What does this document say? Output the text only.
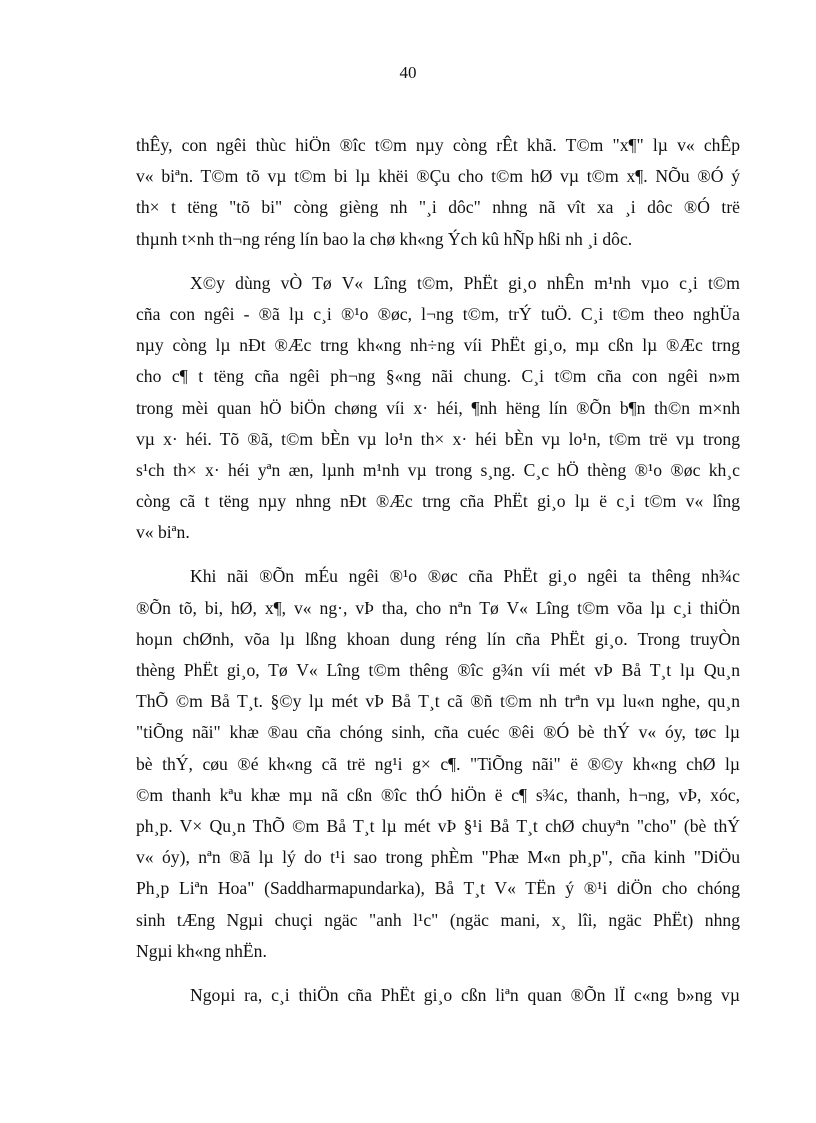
40
thÊy, con ngêi thùc hiÖn ®îc t©m nµy còng rÊt khã. T©m "x¶" lµ v« chÊp
v« biªn. T©m tõ vµ t©m bi lµ khëi ®Çu cho t©m hØ vµ t©m x¶. NÕu ®Ó ý
th× t tëng "tõ bi" còng gièng nh "¸i dôc" nhng nã vît xa ¸i dôc ®Ó trë
thµnh t×nh th¬ng réng lín bao la chø kh«ng Ých kû hÑp hßi nh ¸i dôc.
X©y dùng vÒ Tø V« Lîng t©m, PhËt gi¸o nhÊn m¹nh vµo c¸i t©m
cña con ngêi - ®ã lµ c¸i ®¹o ®øc, l¬ng t©m, trÝ tuÖ. C¸i t©m theo nghÜa
nµy còng lµ nÐt ®Æc trng kh«ng nh÷ng víi PhËt gi¸o, mµ cßn lµ ®Æc trng
cho c¶ t tëng cña ngêi ph¬ng §«ng nãi chung. C¸i t©m cña con ngêi n»m
trong mèi quan hÖ biÖn chøng víi x· héi, ¶nh hëng lín ®Õn b¶n th©n m×nh
vµ x· héi. Tõ ®ã, t©m bÈn vµ lo¹n th× x· héi bÈn vµ lo¹n, t©m trë vµ trong
s¹ch th× x· héi yªn æn, lµnh m¹nh vµ trong s¸ng. C¸c hÖ thèng ®¹o ®øc kh¸c
còng cã t tëng nµy nhng nÐt ®Æc trng cña PhËt gi¸o lµ ë c¸i t©m v« lîng
v« biªn.
Khi nãi ®Õn mÉu ngêi ®¹o ®øc cña PhËt gi¸o ngêi ta thêng nh¾c
®Õn tõ, bi, hØ, x¶, v« ng·, vÞ tha, cho nªn Tø V« Lîng t©m võa lµ c¸i thiÖn
hoµn chØnh, võa lµ lßng khoan dung réng lín cña PhËt gi¸o. Trong truyÒn
thèng PhËt gi¸o, Tø V« Lîng t©m thêng ®îc g¾n víi mét vÞ Bå T¸t lµ Qu¸n
ThÕ ©m Bå T¸t. §©y lµ mét vÞ Bå T¸t cã ®ñ t©m nh trªn vµ lu«n nghe, qu¸n
"tiÕng nãi" khæ ®au cña chóng sinh, cña cuéc ®êi ®Ó bè thÝ v« óy, tøc lµ
bè thÝ, cøu ®é kh«ng cã trë ng¹i g× c¶. "TiÕng nãi" ë ®©y kh«ng chØ lµ
©m thanh kªu khæ mµ nã cßn ®îc thÓ hiÖn ë c¶ s¾c, thanh, h¬ng, vÞ, xóc,
ph¸p. V× Qu¸n ThÕ ©m Bå T¸t lµ mét vÞ §¹i Bå T¸t chØ chuyªn "cho" (bè thÝ
v« óy), nªn ®ã lµ lý do t¹i sao trong phÈm "Phæ M«n ph¸p", cña kinh "DiÖu
Ph¸p Liªn Hoa" (Saddharmapundarka), Bå T¸t V« TËn ý ®¹i diÖn cho chóng
sinh tÆng Ngµi chuçi ngäc "anh l¹c" (ngäc mani, x¸ lîi, ngäc PhËt) nhng
Ngµi kh«ng nhËn.
Ngoµi ra, c¸i thiÖn cña PhËt gi¸o cßn liªn quan ®Õn lÏ c«ng b»ng vµ
